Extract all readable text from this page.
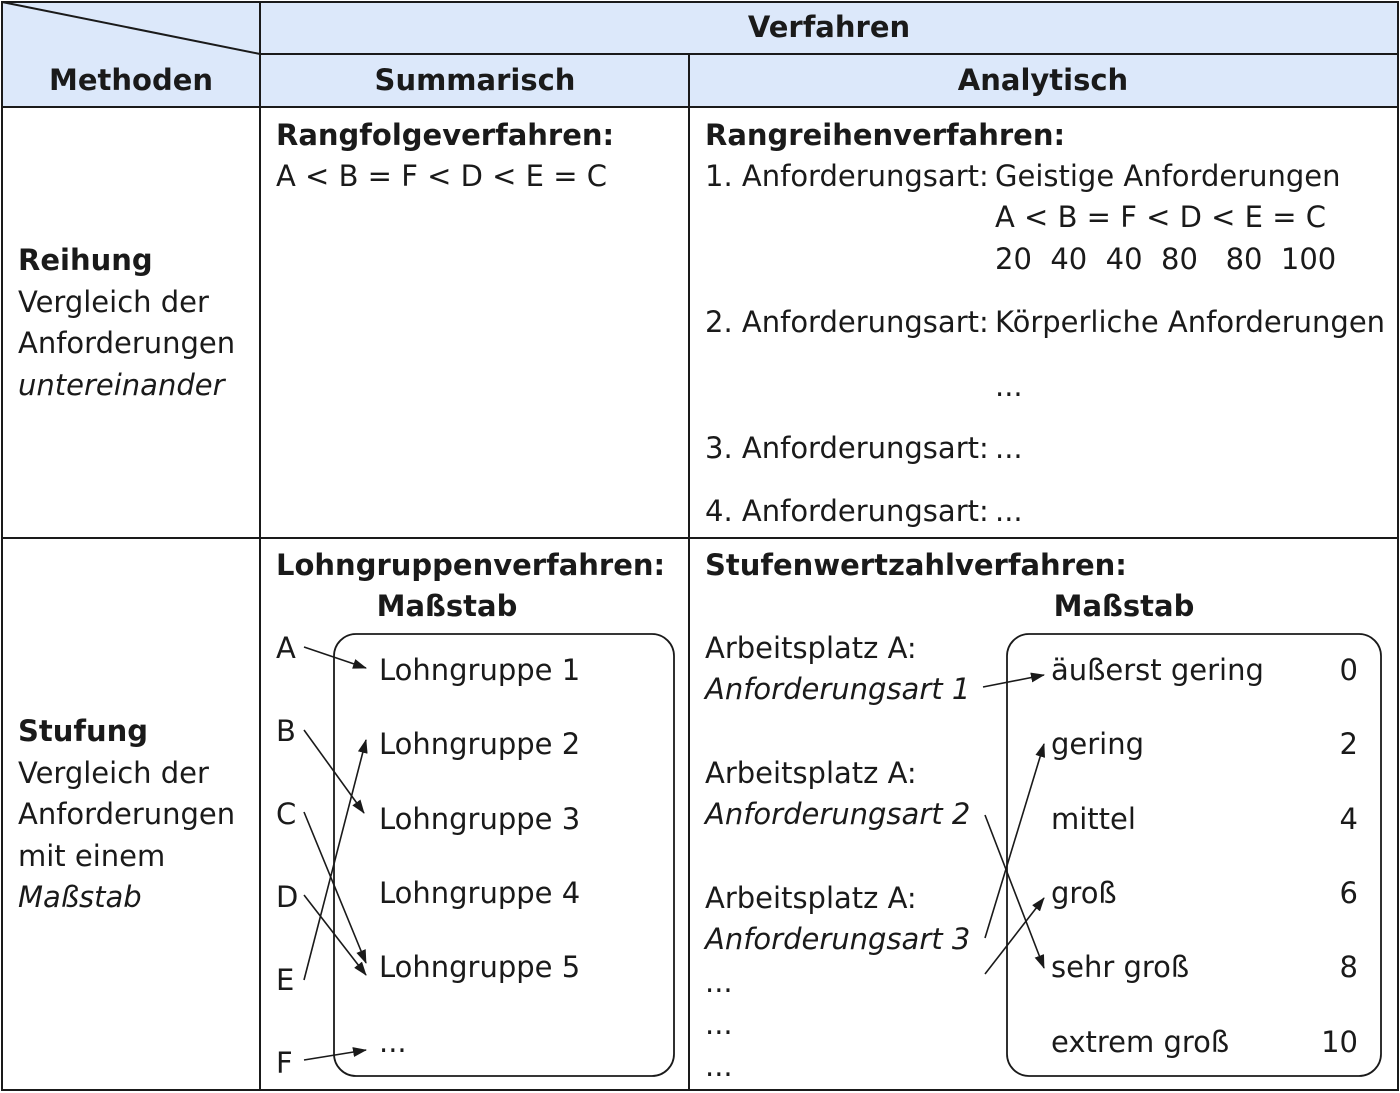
Verfahren
Methoden	Summarisch	Analytisch
Reihung
Vergleich der
Anforderungen
untereinander
Stufung
Vergleich der
Anforderungen
mit einem
Maßstab
Rangfolgeverfahren:
A < B = F < D < E = C
Rangreihenverfahren:
1. Anforderungsart: Geistige Anforderungen
A < B = F < D < E = C
20  40  40  80   80  100
2. Anforderungsart: Körperliche Anforderungen
...
3. Anforderungsart: ...
4. Anforderungsart: ...
Lohngruppenverfahren:
Maßstab
A
B
C
D
E
F
Lohngruppe 1
Lohngruppe 2
Lohngruppe 3
Lohngruppe 4
Lohngruppe 5
...
Stufenwertzahlverfahren:
Maßstab
Arbeitsplatz A:
Anforderungsart 1
Arbeitsplatz A:
Anforderungsart 2
Arbeitsplatz A:
Anforderungsart 3
...
...
...
äußerst gering
gering
mittel
groß
sehr groß
extrem groß
0
2
4
6
8
10
